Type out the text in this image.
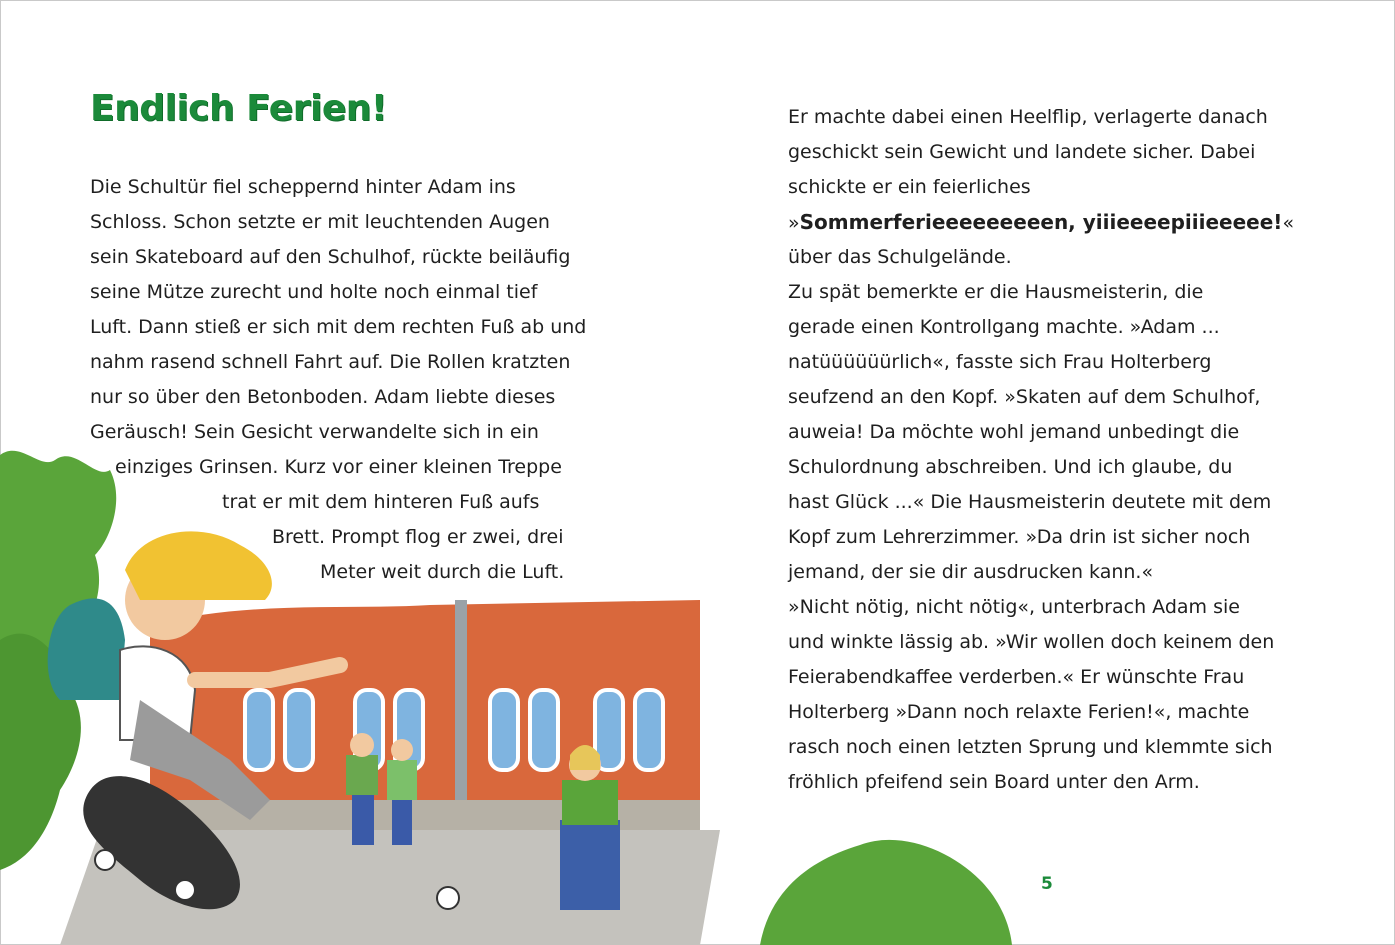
Endlich Ferien!
Die Schultür fiel scheppernd hinter Adam ins
Schloss. Schon setzte er mit leuchtenden Augen
sein Skateboard auf den Schulhof, rückte beiläufig
seine Mütze zurecht und holte noch einmal tief
Luft. Dann stieß er sich mit dem rechten Fuß ab und
nahm rasend schnell Fahrt auf. Die Rollen kratzten
nur so über den Betonboden. Adam liebte dieses
Geräusch! Sein Gesicht verwandelte sich in ein
einziges Grinsen. Kurz vor einer kleinen Treppe
trat er mit dem hinteren Fuß aufs
Brett. Prompt flog er zwei, drei
Meter weit durch die Luft.
Er machte dabei einen Heelflip, verlagerte danach
geschickt sein Gewicht und landete sicher. Dabei
schickte er ein feierliches
»Sommerferieeeeeeeeen, yiiieeeepiiieeeee!«
über das Schulgelände.
Zu spät bemerkte er die Hausmeisterin, die
gerade einen Kontrollgang machte. »Adam ...
natüüüüüürlich«, fasste sich Frau Holterberg
seufzend an den Kopf. »Skaten auf dem Schulhof,
auweia! Da möchte wohl jemand unbedingt die
Schulordnung abschreiben. Und ich glaube, du
hast Glück ...« Die Hausmeisterin deutete mit dem
Kopf zum Lehrerzimmer. »Da drin ist sicher noch
jemand, der sie dir ausdrucken kann.«
»Nicht nötig, nicht nötig«, unterbrach Adam sie
und winkte lässig ab. »Wir wollen doch keinem den
Feierabendkaffee verderben.« Er wünschte Frau
Holterberg »Dann noch relaxte Ferien!«, machte
rasch noch einen letzten Sprung und klemmte sich
fröhlich pfeifend sein Board unter den Arm.
5
